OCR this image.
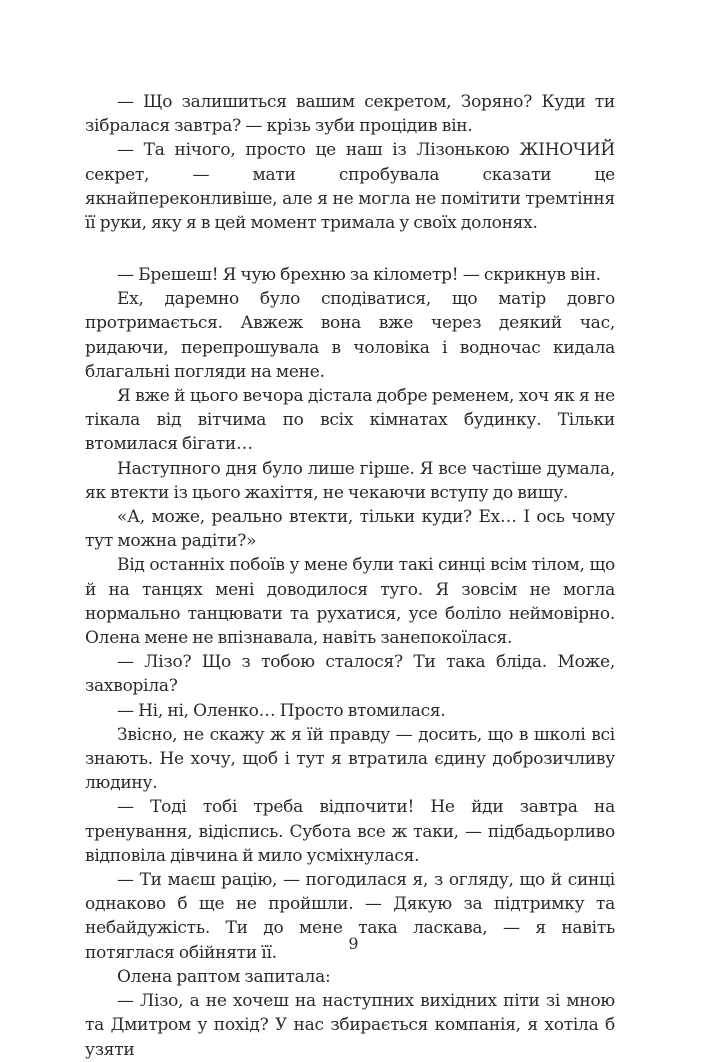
— Що залишиться вашим секретом, Зоряно? Куди ти зібралася завтра? — крізь зуби процідив він.

— Та нічого, просто це наш із Лізонькою ЖІНОЧИЙ секрет, — мати спробувала сказати це якнайпереконливіше, але я не могла не помітити тремтіння її руки, яку я в цей момент тримала у своїх долонях.

— Брешеш! Я чую брехню за кілометр! — скрикнув він.

Ех, даремно було сподіватися, що матір довго протримається. Авжеж вона вже через деякий час, ридаючи, перепрошувала в чоловіка і водночас кидала благальні погляди на мене.

Я вже й цього вечора дістала добре ременем, хоч як я не тікала від вітчима по всіх кімнатах будинку. Тільки втомилася бігати…

Наступного дня було лише гірше. Я все частіше думала, як втекти із цього жахіття, не чекаючи вступу до вишу.

«А, може, реально втекти, тільки куди? Ех… І ось чому тут можна радіти?»

Від останніх побоїв у мене були такі синці всім тілом, що й на танцях мені доводилося туго. Я зовсім не могла нормально танцювати та рухатися, усе боліло неймовірно. Олена мене не впізнавала, навіть занепокоїлася.

— Лізо? Що з тобою сталося? Ти така бліда. Може, захворіла?

— Ні, ні, Оленко… Просто втомилася.

Звісно, не скажу ж я їй правду — досить, що в школі всі знають. Не хочу, щоб і тут я втратила єдину доброзичливу людину.

— Тоді тобі треба відпочити! Не йди завтра на тренування, відіспись. Субота все ж таки, — підбадьорливо відповіла дівчина й мило усміхнулася.

— Ти маєш рацію, — погодилася я, з огляду, що й синці однаково б ще не пройшли. — Дякую за підтримку та небайдужість. Ти до мене така ласкава, — я навіть потяглася обійняти її.

Олена раптом запитала:

— Лізо, а не хочеш на наступних вихідних піти зі мною та Дмитром у похід? У нас збирається компанія, я хотіла б узяти

9
